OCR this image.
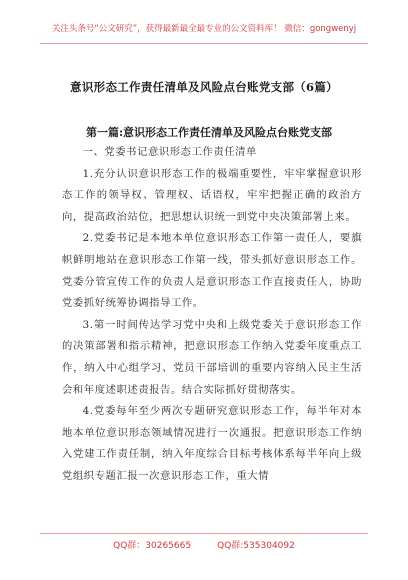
关注头条号“公文研究”，获得最新最全最专业的公文资料库！ 微信：gongwenyj
意识形态工作责任清单及风险点台账党支部（6篇）
第一篇:意识形态工作责任清单及风险点台账党支部

一、党委书记意识形态工作责任清单

1.充分认识意识形态工作的极端重要性，牢牢掌握意识形态工作的领导权、管理权、话语权，牢牢把握正确的政治方向，提高政治站位，把思想认识统一到党中央决策部署上来。

2.党委书记是本地本单位意识形态工作第一责任人，要旗帜鲜明地站在意识形态工作第一线，带头抓好意识形态工作。党委分管宣传工作的负责人是意识形态工作直接责任人，协助党委抓好统筹协调指导工作。

3.第一时间传达学习党中央和上级党委关于意识形态工作的决策部署和指示精神，把意识形态工作纳入党委年度重点工作，纳入中心组学习、党员干部培训的重要内容纳入民主生活会和年度述职述责报告。结合实际抓好贯彻落实。

4.党委每年至少两次专题研究意识形态工作，每半年对本地本单位意识形态领域情况进行一次通报。把意识形态工作纳入党建工作责任制，纳入年度综合目标考核体系每半年向上级党组织专题汇报一次意识形态工作，重大情

QQ群：30265665	QQ群:535304092
